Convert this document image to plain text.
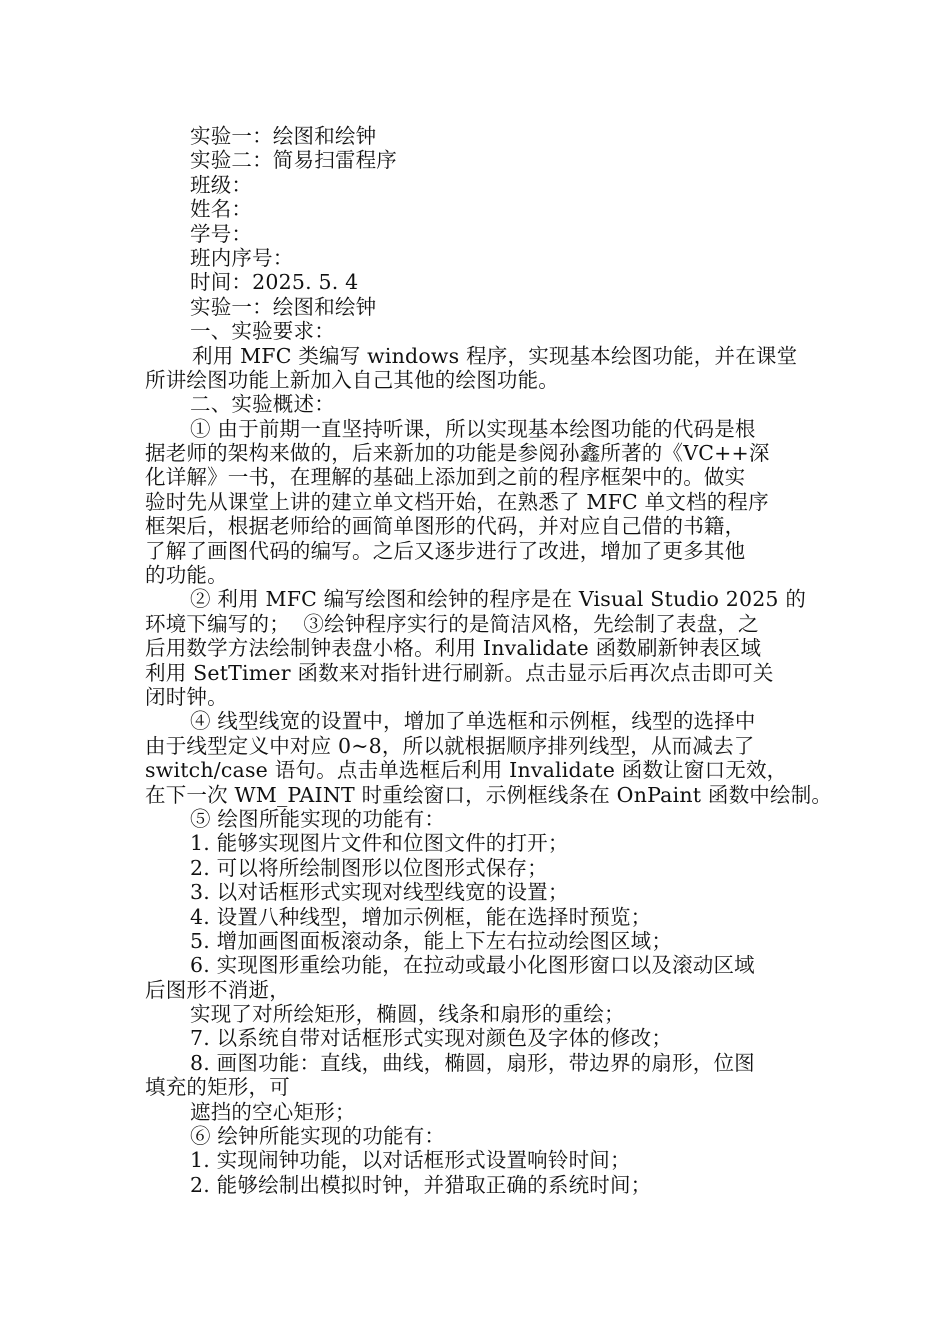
实验一：绘图和绘钟
实验二：简易扫雷程序
班级：
姓名：
学号：
班内序号：
时间：2025. 5. 4
实验一：绘图和绘钟
一、实验要求：
利用 MFC 类编写 windows 程序，实现基本绘图功能，并在课堂
所讲绘图功能上新加入自己其他的绘图功能。
二、实验概述：
① 由于前期一直坚持听课，所以实现基本绘图功能的代码是根
据老师的架构来做的，后来新加的功能是参阅孙鑫所著的《VC++深
化详解》一书，在理解的基础上添加到之前的程序框架中的。做实
验时先从课堂上讲的建立单文档开始，在熟悉了 MFC 单文档的程序
框架后，根据老师给的画简单图形的代码，并对应自己借的书籍，
了解了画图代码的编写。之后又逐步进行了改进，增加了更多其他
的功能。
② 利用 MFC 编写绘图和绘钟的程序是在 Visual Studio 2025 的
环境下编写的；  ③绘钟程序实行的是简洁风格，先绘制了表盘，之
后用数学方法绘制钟表盘小格。利用 Invalidate 函数刷新钟表区域
利用 SetTimer 函数来对指针进行刷新。点击显示后再次点击即可关
闭时钟。
④ 线型线宽的设置中，增加了单选框和示例框，线型的选择中
由于线型定义中对应 0~8，所以就根据顺序排列线型，从而减去了
switch/case 语句。点击单选框后利用 Invalidate 函数让窗口无效，
在下一次 WM_PAINT 时重绘窗口，示例框线条在 OnPaint 函数中绘制。
⑤ 绘图所能实现的功能有：
1. 能够实现图片文件和位图文件的打开；
2. 可以将所绘制图形以位图形式保存；
3. 以对话框形式实现对线型线宽的设置；
4. 设置八种线型，增加示例框，能在选择时预览；
5. 增加画图面板滚动条，能上下左右拉动绘图区域；
6. 实现图形重绘功能，在拉动或最小化图形窗口以及滚动区域
后图形不消逝，
实现了对所绘矩形，椭圆，线条和扇形的重绘；
7. 以系统自带对话框形式实现对颜色及字体的修改；
8. 画图功能：直线，曲线，椭圆，扇形，带边界的扇形，位图
填充的矩形，可
遮挡的空心矩形；
⑥ 绘钟所能实现的功能有：
1. 实现闹钟功能，以对话框形式设置响铃时间；
2. 能够绘制出模拟时钟，并猎取正确的系统时间；
